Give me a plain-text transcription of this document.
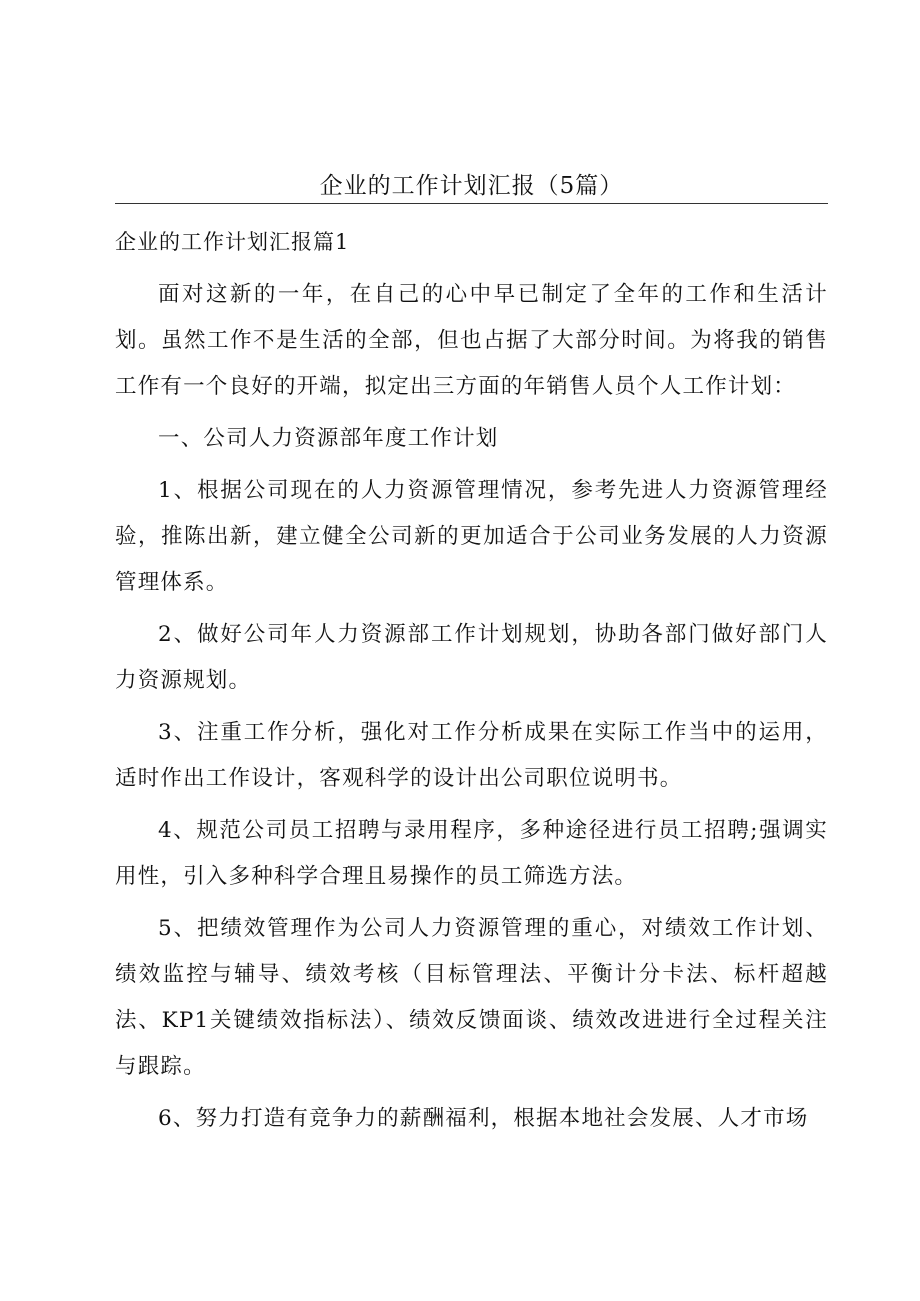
企业的工作计划汇报（5篇）
企业的工作计划汇报篇1

面对这新的一年，在自己的心中早已制定了全年的工作和生活计划。虽然工作不是生活的全部，但也占据了大部分时间。为将我的销售工作有一个良好的开端，拟定出三方面的年销售人员个人工作计划：

一、公司人力资源部年度工作计划

1、根据公司现在的人力资源管理情况，参考先进人力资源管理经验，推陈出新，建立健全公司新的更加适合于公司业务发展的人力资源管理体系。

2、做好公司年人力资源部工作计划规划，协助各部门做好部门人力资源规划。

3、注重工作分析，强化对工作分析成果在实际工作当中的运用，适时作出工作设计，客观科学的设计出公司职位说明书。

4、规范公司员工招聘与录用程序，多种途径进行员工招聘;强调实用性，引入多种科学合理且易操作的员工筛选方法。

5、把绩效管理作为公司人力资源管理的重心，对绩效工作计划、绩效监控与辅导、绩效考核（目标管理法、平衡计分卡法、标杆超越法、KP1关键绩效指标法）、绩效反馈面谈、绩效改进进行全过程关注与跟踪。

6、努力打造有竞争力的薪酬福利，根据本地社会发展、人才市场
